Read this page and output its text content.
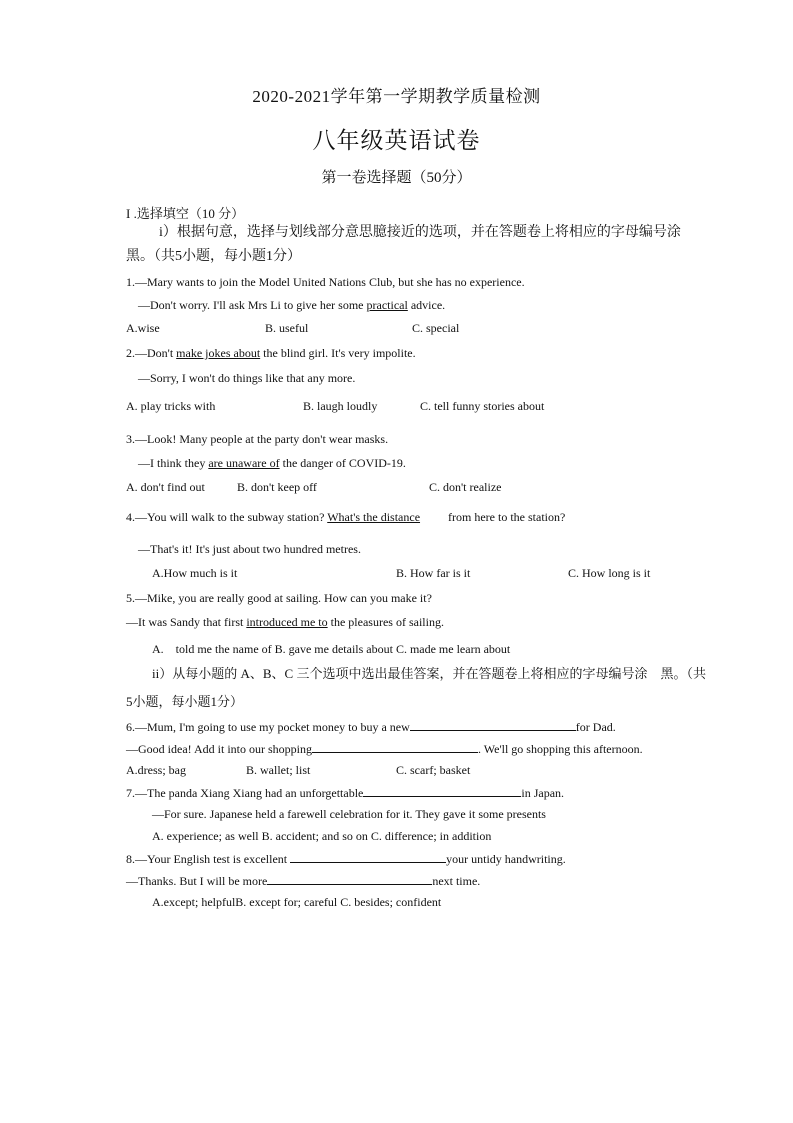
2020-2021学年第一学期教学质量检测
八年级英语试卷
第一卷选择题（50分）
I .选择填空（10 分）
i）根据句意，选择与划线部分意思臆接近的选项，并在答题卷上将相应的字母编号涂
黑。（共5小题，每小题1分）
1.—Mary wants to join the Model United Nations Club, but she has no experience.
—Don't worry. I'll ask Mrs Li to give her some practical advice.
A.wise	B. useful	C. special
2.—Don't make jokes about the blind girl. It's very impolite.
—Sorry, I won't do things like that any more.
A. play tricks with	B. laugh loudly	C. tell funny stories about
3.—Look! Many people at the party don't wear masks.
—I think they are unaware of the danger of COVID-19.
A. don't find out	B. don't keep off	C. don't realize
4.—You will walk to the subway station? What's the distance from here to the station?
—That's it! It's just about two hundred metres.
A.How much is it	B. How far is it	C. How long is it
5.—Mike, you are really good at sailing. How can you make it?
—It was Sandy that first introduced me to the pleasures of sailing.
A.　told me the name of B. gave me details about C. made me learn about
ii）从每小题的 A、B、C 三个选项中选出最佳答案，并在答题卷上将相应的字母编号涂　黑。（共
5小题，每小题1分）
6.—Mum, I'm going to use my pocket money to buy a new	for Dad.
—Good idea! Add it into our shopping	. We'll go shopping this afternoon.
A.dress; bag	B. wallet; list	C. scarf; basket
7.—The panda Xiang Xiang had an unforgettable	in Japan.
—For sure. Japanese held a farewell celebration for it. They gave it some presents
A. experience; as well B. accident; and so on C. difference; in addition
8.—Your English test is excellent	your untidy handwriting.
—Thanks. But I will be more	next time.
A.except; helpfulB. except for; careful C. besides; confident
